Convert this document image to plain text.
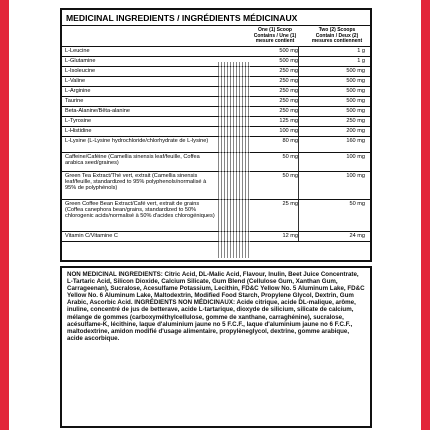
MEDICINAL INGREDIENTS / INGRÉDIENTS MÉDICINAUX
One (1) Scoop Contains / Une (1) mesure contient
Two (2) Scoops Contain / Deux (2) mesures contiennent
L-Leucine	500 mg	1 g
L-Glutamine	500 mg	1 g
L-Isoleucine	250 mg	500 mg
L-Valine	250 mg	500 mg
L-Arginine	250 mg	500 mg
Taurine	250 mg	500 mg
Beta-Alanine/Bêta-alanine	250 mg	500 mg
L-Tyrosine	125 mg	250 mg
L-Histidine	100 mg	200 mg
L-Lysine (L-Lysine hydrochloride/chlorhydrate de L-lysine)	80 mg	160 mg
Caffeine/Caféine (Camellia sinensis leaf/feuille, Coffea arabica seed/graines)
50 mg	100 mg
Green Tea Extract/Thé vert, extrait (Camellia sinensis leaf/feuille, standardized to 95% polyphenols/normalisé à 95% de polyphénols)
50 mg	100 mg
Green Coffee Bean Extract/Café vert, extrait de grains (Coffea canephora bean/grains, standardized to 50% chlorogenic acids/normalisé à 50% d'acides chlorogéniques)
25 mg	50 mg
Vitamin C/Vitamine C	12 mg	24 mg
NON MEDICINAL INGREDIENTS: Citric Acid, DL-Malic Acid, Flavour, Inulin, Beet Juice Concentrate, L-Tartaric Acid, Silicon Dioxide, Calcium Silicate, Gum Blend (Cellulose Gum, Xanthan Gum, Carrageenan), Sucralose, Acesulfame Potassium, Lecithin, FD&C Yellow No. 5 Aluminum Lake, FD&C Yellow No. 6 Aluminum Lake, Maltodextrin, Modified Food Starch, Propylene Glycol, Dextrin, Gum Arabic, Ascorbic Acid. INGRÉDIENTS NON MÉDICINAUX: Acide citrique, acide DL-malique, arôme, inuline, concentré de jus de betterave, acide L-tartarique, dioxyde de silicium, silicate de calcium, mélange de gommes (carboxyméthylcellulose, gomme de xanthane, carraghénine), sucralose, acésulfame-K, lécithine, laque d'aluminium jaune no 5 F.C.F., laque d'aluminium jaune no 6 F.C.F., maltodextrine, amidon modifié d'usage alimentaire, propylèneglycol, dextrine, gomme arabique, acide ascorbique.
